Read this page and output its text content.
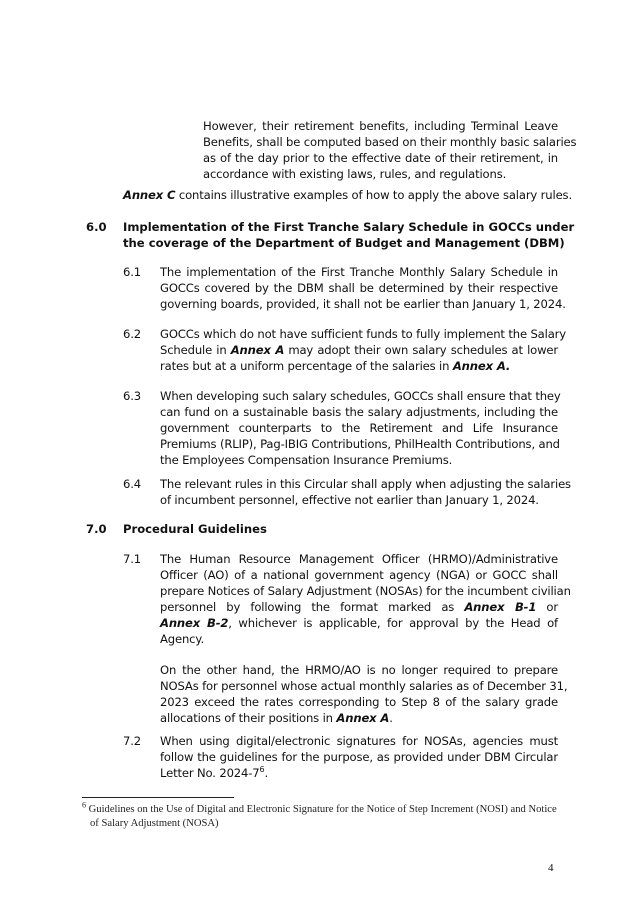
However, their retirement benefits, including Terminal Leave
Benefits, shall be computed based on their monthly basic salaries
as of the day prior to the effective date of their retirement, in
accordance with existing laws, rules, and regulations.
Annex C contains illustrative examples of how to apply the above salary rules.
6.0 Implementation of the First Tranche Salary Schedule in GOCCs under
the coverage of the Department of Budget and Management (DBM)
6.1 The implementation of the First Tranche Monthly Salary Schedule in
GOCCs covered by the DBM shall be determined by their respective
governing boards, provided, it shall not be earlier than January 1, 2024.
6.2 GOCCs which do not have sufficient funds to fully implement the Salary
Schedule in Annex A may adopt their own salary schedules at lower
rates but at a uniform percentage of the salaries in Annex A.
6.3 When developing such salary schedules, GOCCs shall ensure that they
can fund on a sustainable basis the salary adjustments, including the
government counterparts to the Retirement and Life Insurance
Premiums (RLIP), Pag-IBIG Contributions, PhilHealth Contributions, and
the Employees Compensation Insurance Premiums.
6.4 The relevant rules in this Circular shall apply when adjusting the salaries
of incumbent personnel, effective not earlier than January 1, 2024.
7.0 Procedural Guidelines
7.1 The Human Resource Management Officer (HRMO)/Administrative
Officer (AO) of a national government agency (NGA) or GOCC shall
prepare Notices of Salary Adjustment (NOSAs) for the incumbent civilian
personnel by following the format marked as Annex B-1 or
Annex B-2, whichever is applicable, for approval by the Head of
Agency.
On the other hand, the HRMO/AO is no longer required to prepare
NOSAs for personnel whose actual monthly salaries as of December 31,
2023 exceed the rates corresponding to Step 8 of the salary grade
allocations of their positions in Annex A.
7.2 When using digital/electronic signatures for NOSAs, agencies must
follow the guidelines for the purpose, as provided under DBM Circular
Letter No. $2024-7^6$.
$^6$ Guidelines on the Use of Digital and Electronic Signature for the Notice of Step Increment (NOSI) and Notice
of Salary Adjustment (NOSA)
4
